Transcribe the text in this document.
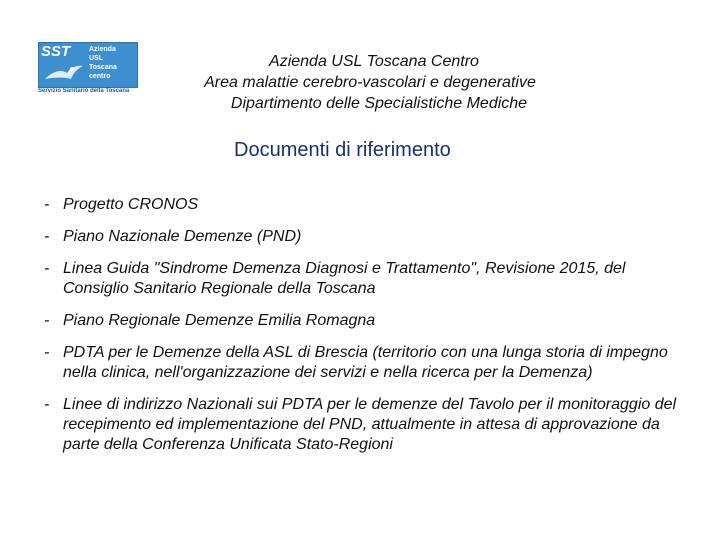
SST	Azienda
USL
Toscana
centro
Servizio Sanitario della Toscana
Azienda USL Toscana Centro
Area malattie cerebro-vascolari e degenerative
Dipartimento delle Specialistiche Mediche
Documenti di riferimento
- Progetto CRONOS
- Piano Nazionale Demenze (PND)
- Linea Guida "Sindrome Demenza Diagnosi e Trattamento", Revisione 2015, del Consiglio Sanitario Regionale della Toscana
- Piano Regionale Demenze Emilia Romagna
- PDTA per le Demenze della ASL di Brescia (territorio con una lunga storia di impegno nella clinica, nell'organizzazione dei servizi e nella ricerca per la Demenza)
- Linee di indirizzo Nazionali sui PDTA per le demenze del Tavolo per il monitoraggio del recepimento ed implementazione del PND, attualmente in attesa di approvazione da parte della Conferenza Unificata Stato-Regioni
